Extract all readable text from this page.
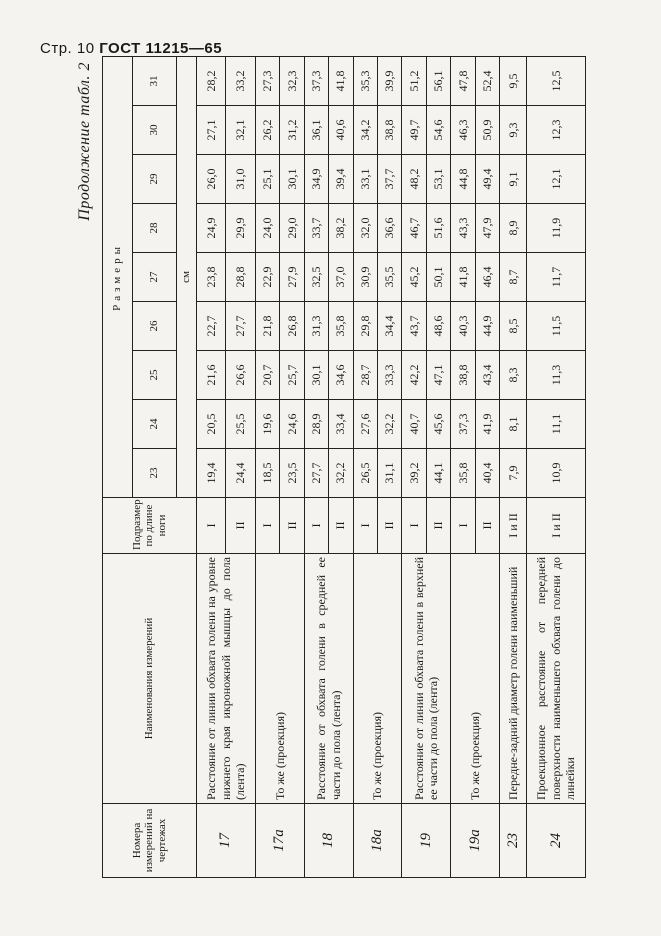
Стр. 10 ГОСТ 11215—65
Продолжение табл. 2
Номера измерений на чертежах	Наименования измерений	Подразмер по длине ноги	Размеры								
			23	24	25	26	27	28	29	30	31
			см								
17	Расстояние от линии обхвата голени на уровне нижнего края икроножной мышцы до пола (лента)	I	19,4	20,5	21,6	22,7	23,8	24,9	26,0	27,1	28,2
		II	24,4	25,5	26,6	27,7	28,8	29,9	31,0	32,1	33,2
17а	То же (проекция)	I	18,5	19,6	20,7	21,8	22,9	24,0	25,1	26,2	27,3
		II	23,5	24,6	25,7	26,8	27,9	29,0	30,1	31,2	32,3
18	Расстояние от обхвата голени в средней ее части до пола (лента)	I	27,7	28,9	30,1	31,3	32,5	33,7	34,9	36,1	37,3
		II	32,2	33,4	34,6	35,8	37,0	38,2	39,4	40,6	41,8
18а	То же (проекция)	I	26,5	27,6	28,7	29,8	30,9	32,0	33,1	34,2	35,3
		II	31,1	32,2	33,3	34,4	35,5	36,6	37,7	38,8	39,9
19	Расстояние от линии обхвата голени в верхней ее части до пола (лента)	I	39,2	40,7	42,2	43,7	45,2	46,7	48,2	49,7	51,2
		II	44,1	45,6	47,1	48,6	50,1	51,6	53,1	54,6	56,1
19а	То же (проекция)	I	35,8	37,3	38,8	40,3	41,8	43,3	44,8	46,3	47,8
		II	40,4	41,9	43,4	44,9	46,4	47,9	49,4	50,9	52,4
23	Передне-задний диаметр голени наименьший	I и II	7,9	8,1	8,3	8,5	8,7	8,9	9,1	9,3	9,5
24	Проекционное расстояние от передней поверхности наименьшего обхвата голени до линейки	I и II	10,9	11,1	11,3	11,5	11,7	11,9	12,1	12,3	12,5
